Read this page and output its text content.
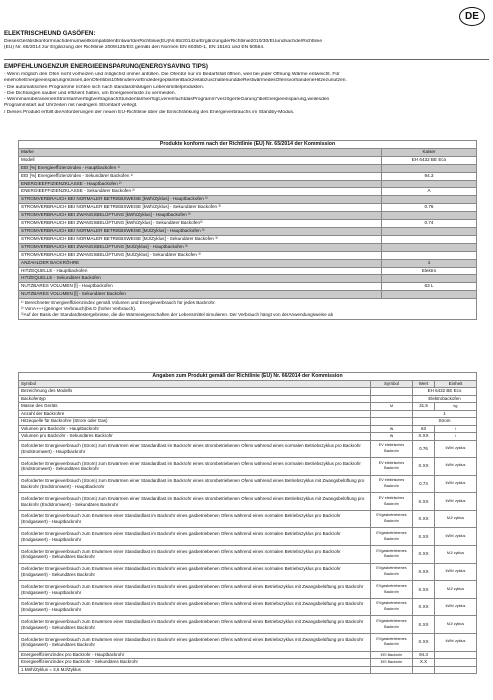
DE
ELEKTRISCHEUND GASÖFEN:
DiesesGerätistkonformnachdemumweltkompatiblenEntwurfderRichtlinie(EU)Nr.65/2014zurErgänzungderRichtlinie2010/30/EUundnachderRichtlinie
(EU) Nr. 66/2014 zur Ergänzung der Richtlinie 2009/125/EG gemäß den Normen EN 60350-1, EN 15181 und EN 50564.
EMPFEHLUNGENZUR ENERGIEEINSPARUNG(ENERGYSAVING TIPS)
- Wenn möglich den Ofen nicht vorheizen und möglichst immer anfüllen. Die Ofentür nur im Bedarfsfall öffnen, weil bei jeder Öffnung Wärme entweicht. Für
einehoheEnergieeinsparungmüssen,denOfen5bis10MinutenvorEndedergeplantenBackzeitabzuschaltenunddieRestwärmedesOfensvorhandeneHitzezunutzen.
- Die automatischen Programme richten sich nach standardmäßigen Lebensmittelprodukten.
- Die Dichtungen sauber und effizient halten, um Energieverluste zu vermeiden.
- WennmanüberaneinenStromtarifverfügtvertragnachStundentarifverfügt,vereinfachtdasProgramm"verzögerteGarung"dieEnergieeinsparung,weilesden
Programmstart auf Uhrzeiten mit niedrigem Stromtarif verlegt.
/ Dieses Produkt erfüllt dieAnforderungen der neuen EU-Richtlinie über die Einschränkung des Energieverbrauchs im Standby-Modus.
Produkte konform nach der Richtlinie (EU) Nr. 65/2014 der Kommission	
Marke	Kaiser
Modell	EH 6432 BE Eco
EEI [%] Energieeffizienzindex - Hauptbackofen ¹⁾	
EEI [%] Energieeffizienzindex - Sekundärer Backofen ¹⁾	94.3
ENERGIEEFFIZIENZKLASSE - Hauptbackofen ²⁾	
ENERGIEEFFIZIENZKLASSE - Sekundärer Backofen ²⁾	A
STROMVERBRAUCH BEI NORMALER BETRIEBSWEISE [kWh/Zyklus] - Hauptbackofen ³⁾	
STROMVERBRAUCH BEI NORMALER BETRIEBSWEISE [kWh/Zyklus] - Sekundärer Backofen ³⁾	0.76
STROMVERBRAUCH BEI ZWANGSBELÜFTUNG [kWh/Zyklus] - Hauptbackofen ³⁾	
STROMVERBRAUCH BEI ZWANGSBELÜFTUNG [kWh/Zyklus] - Sekundärer Backofen³⁾	0.74
STROMVERBRAUCH BEI NORMALER BETRIEBSWEISE [MJ/Zyklus] - Hauptbackofen ³⁾	
STROMVERBRAUCH BEI NORMALER BETRIEBSWEISE [MJ/Zyklus] - Sekundärer Backofen ³⁾	
STROMVERBRAUCH BEI ZWANGSBELÜFTUNG [MJ/Zyklus] - Hauptbackofen ³⁾	
STROMVERBRAUCH BEI ZWANGSBELÜFTUNG [MJ/Zyklus] - Sekundärer Backofen ³⁾	
ANZAHLDER BACKRÖHRE	1
HITZEQUELLE - Hauptbackofen	Elektro
HITZEQUELLE - Sekundärer Backofen	
NUTZBARES VOLUMEN [l] - Hauptbackofen	63 L
NUTZBARES VOLUMEN [l] - Sekundärer Backofen	

¹⁾ Berechneter Energieeffizienzindex gemäß Volumen und Energieverbrauch für jedes Backrohr.
²⁾ VonA+++(geringer Verbrauch)bis D (hoher Verbrauch).
³⁾Auf der Basis der Standardtestergebnisse, die die Wärmeeigenschaften der Lebensmittel simulieren. Der Verbrauch hängt von derAnwendungsweise ab	
Angaben zum Produkt gemäß der Richtlinie (EU) Nr. 66/2014 der Kommission			
Symbol	Symbol	Wert	Einheit
Bezeichnung des Modells		EH 6432 BE Eco	
Backofentyp		Elektrobackofen	
Masse des Geräts	M	31.5	kg
Anzahl der Backrohre		1	
Hitzequelle für Backrohre (Strom oder Gas)		Strom	
Volumen pro Backrohr - Hauptbackrohr	IN	63	l
Volumen pro Backrohr - Sekundäres Backrohr	IN	X.XX	l
Geforderter Energieverbrauch (Strom) zum Erwärmen einer Standardlast im Backrohr eines strombetriebenen Ofens während eines normalen Betriebszyklus pro Backrohr (Endstromwert) - Hauptbackrohr	EV elektrisches Backrohr	0.76	kWh/ zyklus
Geforderter Energieverbrauch (Strom) zum Erwärmen einer Standardlast im Backrohr eines strombetriebenen Ofens während eines normalen Betriebszyklus pro Backrohr (Endstromwert) - Sekundäres Backrohr	EV elektrisches Backrohr	X.XX	kWh/ zyklus
Geforderter Energieverbrauch (Strom) zum Erwärmen einer Standardlast im Backrohr eines strombetriebenen Ofens während eines Betriebszyklus mit Zwangsbelüftung pro Backrohr (Endstromwert) - Hauptbackrohr	EV elektrisches Backrohr	0.74	kWh/ zyklus
Geforderter Energieverbrauch (Strom) zum Erwärmen einer Standardlast im Backrohr eines strombetriebenen Ofens während eines Betriebszyklus mit Zwangsbelüftung pro Backrohr (Endstromwert) - Sekundäres Backrohr	EV elektrisches Backrohr	X.XX	kWh/ zyklus
Geforderter Energieverbrauch zum Erwärmen einer Standardlast im Backrohr eines gasbetriebenen Ofens während eines normalen Betriebszyklus pro Backrohr (Endgaswert) - Hauptbackrohr	EVgasbetriebenes Backrohr	X.XX	MJ/ zyklus
Geforderter Energieverbrauch zum Erwärmen einer Standardlast im Backrohr eines gasbetriebenen Ofens während eines normalen Betriebszyklus pro Backrohr (Endgaswert) - Hauptbackrohr	EVgasbetriebenes Backrohr	X.XX	kWh/ zyklus
Geforderter Energieverbrauch zum Erwärmen einer Standardlast im Backrohr eines gasbetriebenen Ofens während eines normalen Betriebszyklus pro Backrohr (Endgaswert) - Sekundäres Backrohr	EVgasbetriebenes Backrohr	X.XX	MJ/ zyklus
Geforderter Energieverbrauch zum Erwärmen einer Standardlast im Backrohr eines gasbetriebenen Ofens während eines normalen Betriebszyklus pro Backrohr (Endgaswert) - Sekundäres Backrohr	EVgasbetriebenes Backrohr	X.XX	kWh/ zyklus
Geforderter Energieverbrauch zum Erwärmen einer Standardlast im Backrohr eines gasbetriebenen Ofens während eines Betriebszyklus mit Zwangsbelüftung pro Backrohr (Endgaswert) - Hauptbackrohr	EVgasbetriebenes Backrohr	X.XX	MJ/ zyklus
Geforderter Energieverbrauch zum Erwärmen einer Standardlast im Backrohr eines gasbetriebenen Ofens während eines Betriebszyklus mit Zwangsbelüftung pro Backrohr (Endgaswert) - Hauptbackrohr	EVgasbetriebenes Backrohr	X.XX	kWh/ zyklus
Geforderter Energieverbrauch zum Erwärmen einer Standardlast im Backrohr eines gasbetriebenen Ofens während eines Betriebszyklus mit Zwangsbelüftung pro Backrohr (Endgaswert) - Sekundäres Backrohr	EVgasbetriebenes Backrohr	X.XX	MJ/ zyklus
Geforderter Energieverbrauch zum Erwärmen einer Standardlast im Backrohr eines gasbetriebenen Ofens während eines Betriebszyklus mit Zwangsbelüftung pro Backrohr (Endgaswert) - Sekundäres Backrohr	EVgasbetriebenes Backrohr	X.XX	kWh/ zyklus
Energieeffizienzindex pro Backrohr - Hauptbackrohr	EEI Backrohr	94.3	
Energieeffizienzindex pro Backrohr - Sekundäres Backrohr	EEI Backrohr	X.X	
1 kWh/Zyklus = 3,6 MJ/Zyklus			
